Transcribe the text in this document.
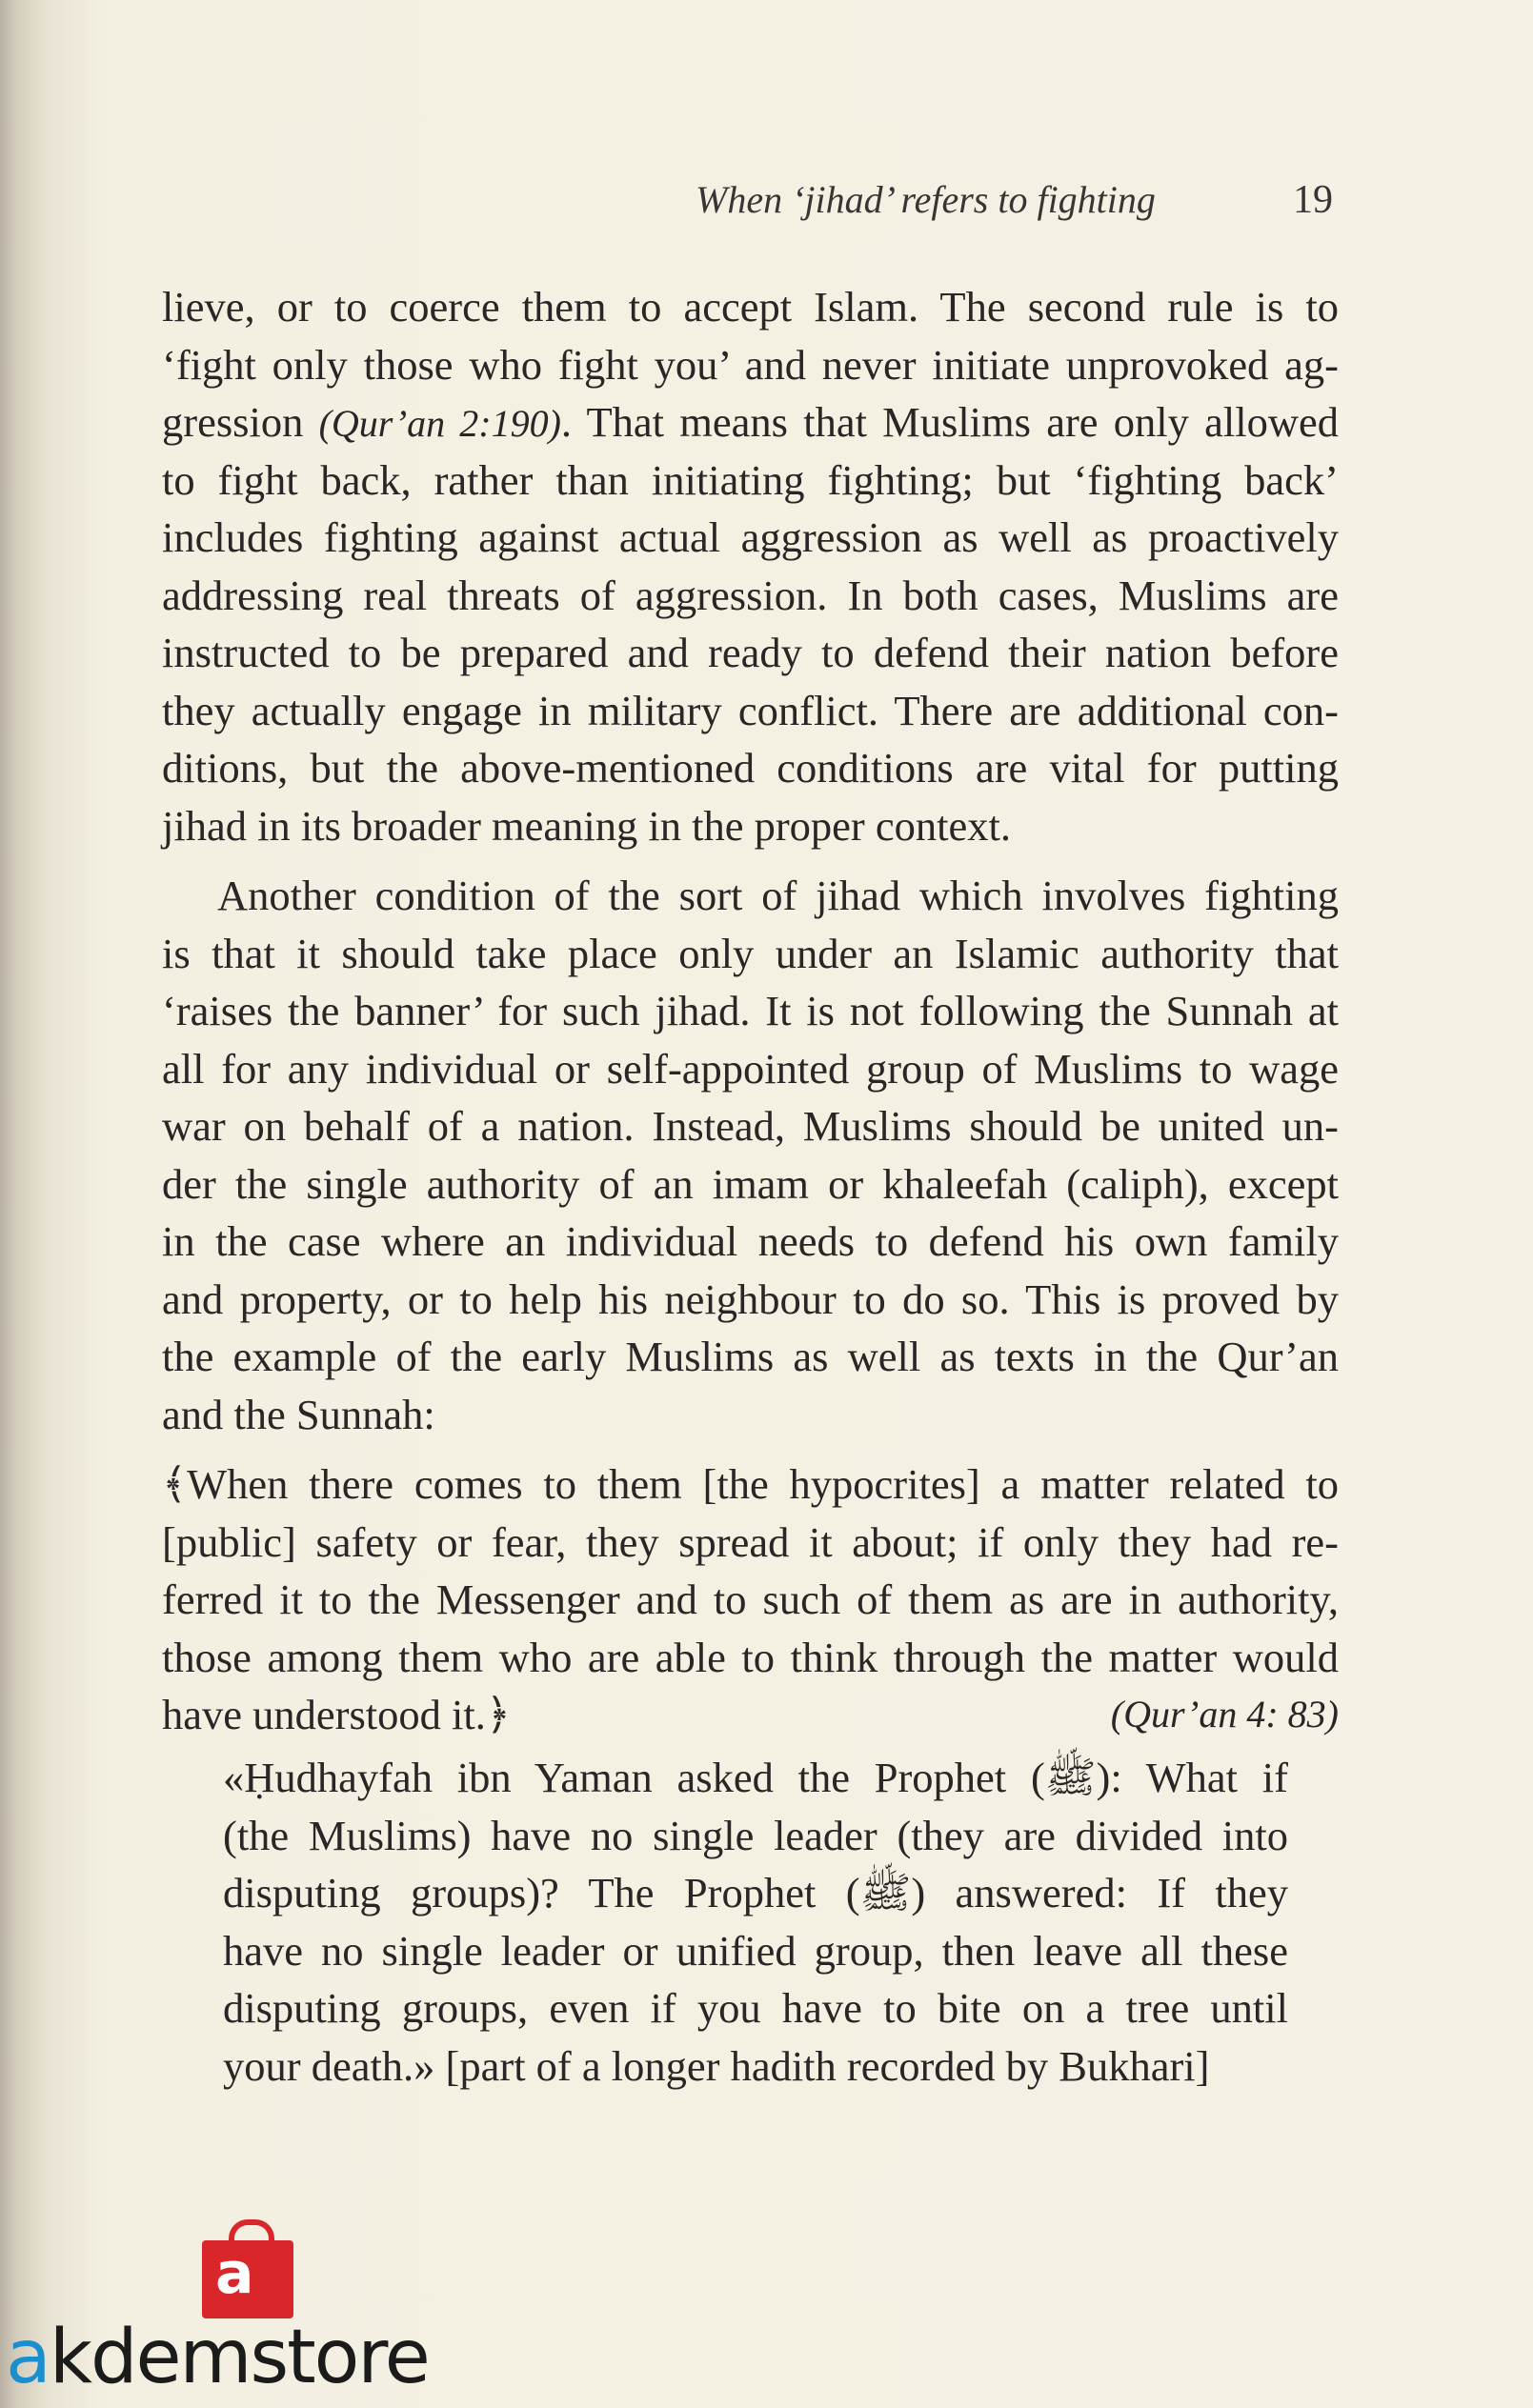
When ‘jihad’ refers to fighting	19
lieve, or to coerce them to accept Islam. The second rule is to
‘fight only those who fight you’ and never initiate unprovoked ag-
gression (Qur’an 2:190). That means that Muslims are only allowed
to fight back, rather than initiating fighting; but ‘fighting back’
includes fighting against actual aggression as well as proactively
addressing real threats of aggression. In both cases, Muslims are
instructed to be prepared and ready to defend their nation before
they actually engage in military conflict. There are additional con-
ditions, but the above-mentioned conditions are vital for putting
jihad in its broader meaning in the proper context.
Another condition of the sort of jihad which involves fighting
is that it should take place only under an Islamic authority that
‘raises the banner’ for such jihad. It is not following the Sunnah at
all for any individual or self-appointed group of Muslims to wage
war on behalf of a nation. Instead, Muslims should be united un-
der the single authority of an imam or khaleefah (caliph), except
in the case where an individual needs to defend his own family
and property, or to help his neighbour to do so. This is proved by
the example of the early Muslims as well as texts in the Qur’an
and the Sunnah:
﴾When there comes to them [the hypocrites] a matter related to
[public] safety or fear, they spread it about; if only they had re-
ferred it to the Messenger and to such of them as are in authority,
those among them who are able to think through the matter would
have understood it.﴿	(Qur’an 4: 83)
«Ḥudhayfah ibn Yaman asked the Prophet (ﷺ): What if
(the Muslims) have no single leader (they are divided into
disputing groups)? The Prophet (ﷺ) answered: If they
have no single leader or unified group, then leave all these
disputing groups, even if you have to bite on a tree until
your death.» [part of a longer hadith recorded by Bukhari]
a
akdemstore
